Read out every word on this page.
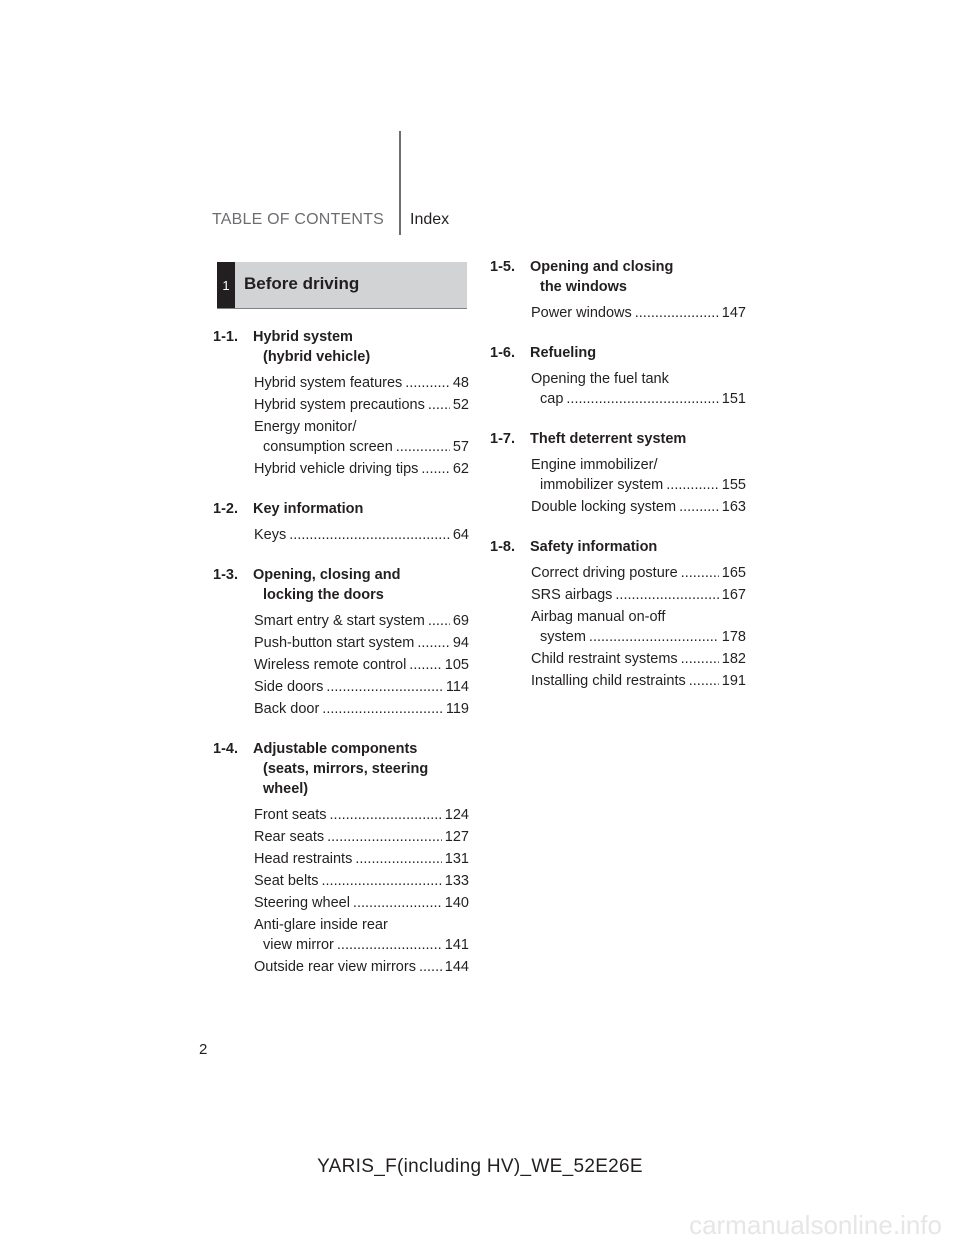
TABLE OF CONTENTS Index
1 Before driving
1-1.	Hybrid system
(hybrid vehicle)
Hybrid system features .....	48
Hybrid system precautions ..... 52
Energy monitor/
consumption screen .....	57
Hybrid vehicle driving tips ..... 62
1-2.	Key information
Keys .....	64
1-3.	Opening, closing and
locking the doors
Smart entry & start system ..... 69
Push-button start system .....	94
Wireless remote control .....	105
Side doors .....	114
Back door .....	119
1-4.	Adjustable components
(seats, mirrors, steering
wheel)
Front seats .....	124
Rear seats .....	127
Head restraints .....	131
Seat belts .....	133
Steering wheel .....	140
Anti-glare inside rear
view mirror .....	141
Outside rear view mirrors ..... 144
1-5.	Opening and closing
the windows
Power windows .....	147
1-6.	Refueling
Opening the fuel tank
cap .....	151
1-7.	Theft deterrent system
Engine immobilizer/
immobilizer system .....	155
Double locking system .....	163
1-8.	Safety information
Correct driving posture .....	165
SRS airbags .....	167
Airbag manual on-off
system .....	178
Child restraint systems .....	182
Installing child restraints ..... 191
2
YARIS_F(including HV)_WE_52E26E
carmanualsonline.info
